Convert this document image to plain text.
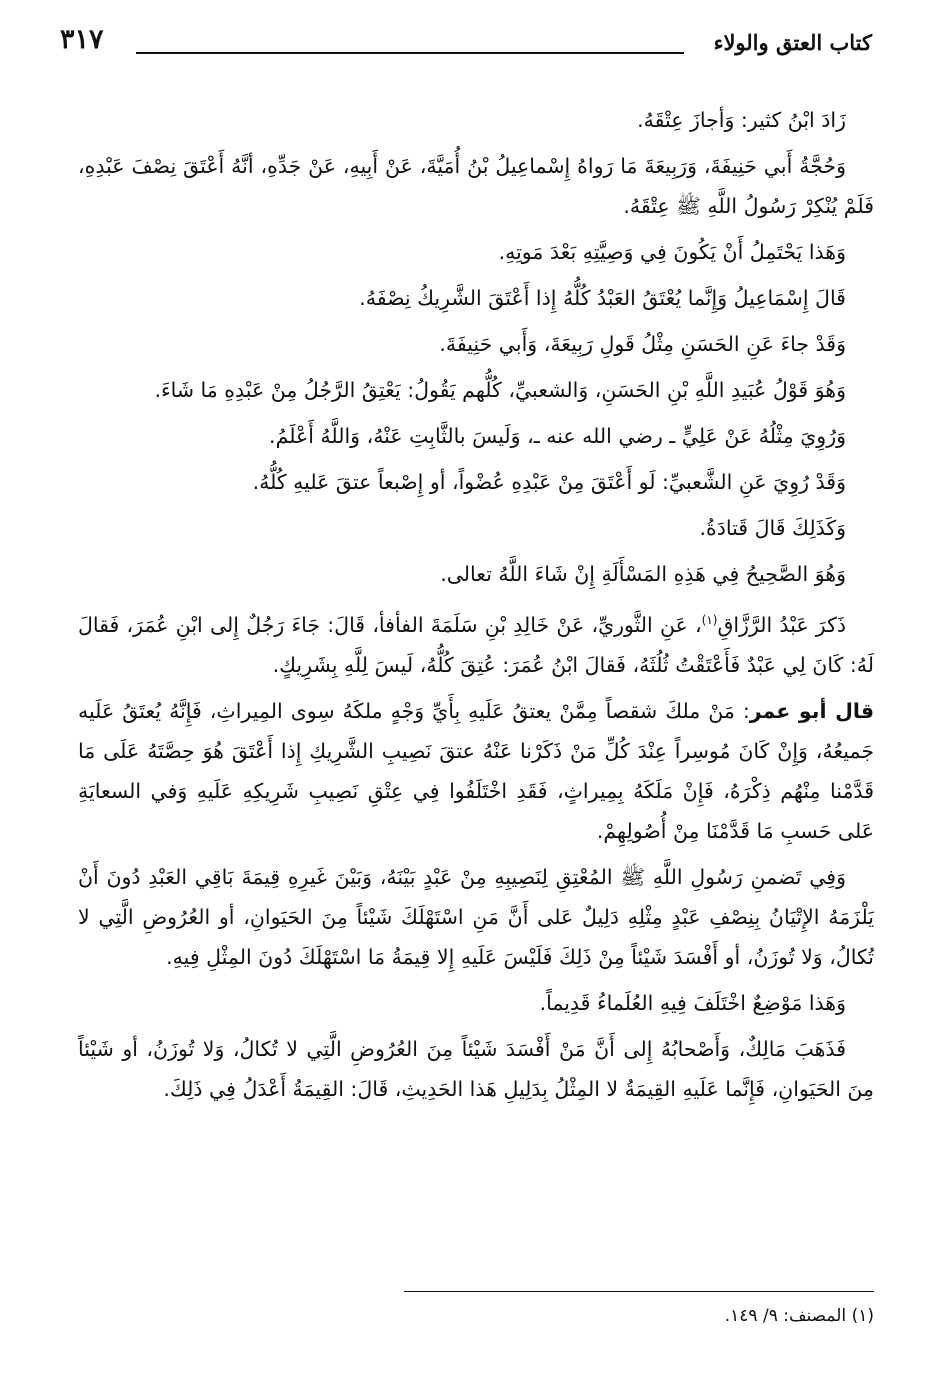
كتاب العتق والولاء
٣١٧

زَادَ ابْنُ كثير: وَأجازَ عِتْقَهُ.

وَحُجَّةُ أَبي حَنِيفَةَ، وَرَبِيعَةَ مَا رَواهُ إِسْماعِيلُ بْنُ أُمَيَّةَ، عَنْ أَبِيهِ، عَنْ جَدِّهِ، أنَّهُ أَعْتَقَ نِصْفَ عَبْدِهِ، فَلَمْ يُنْكِرْ رَسُولُ اللَّهِ ﷺ عِتْقَهُ.

وَهَذا يَحْتَمِلُ أَنْ يَكُونَ فِي وَصِيَّتِهِ بَعْدَ مَوتِهِ.

قَالَ إِسْمَاعِيلُ وَإِنَّما يُعْتَقُ العَبْدُ كُلُّهُ إِذا أَعْتَقَ الشَّرِيكُ نِصْفَهُ.

وَقَدْ جاءَ عَنِ الحَسَنِ مِثْلُ قَولِ رَبِيعَةَ، وَأَبي حَنِيفَةَ.

وَهُوَ قَوْلُ عُبَيدِ اللَّهِ بْنِ الحَسَنِ، وَالشعبيِّ، كُلُّهم يَقُولُ: يَعْتِقُ الرَّجُلُ مِنْ عَبْدِهِ مَا شَاءَ.

وَرُوِيَ مِثْلُهُ عَنْ عَلِيٍّ ـ رضي الله عنه ـ، وَلَيسَ بالثَّابِتِ عَنْهُ، وَاللَّهُ أَعْلَمُ.

وَقَدْ رُوِيَ عَنِ الشَّعبيِّ: لَو أَعْتَقَ مِنْ عَبْدِهِ عُضْواً، أو إِصْبعاً عتقَ عَليهِ كُلُّهُ.

وَكَذَلِكَ قَالَ قَتادَةُ.

وَهُوَ الصَّحِيحُ فِي هَذِهِ المَسْأَلَةِ إِنْ شَاءَ اللَّهُ تعالى.

ذَكرَ عَبْدُ الرَّزَّاقِ$^{(١)}$، عَنِ الثَّوريِّ، عَنْ خَالِدِ بْنِ سَلَمَةَ الفأفأ، قَالَ: جَاءَ رَجُلٌ إِلى ابْنِ عُمَرَ، فَقالَ لَهُ: كَانَ لِي عَبْدٌ فَأَعْتَقْتُ ثُلُثَهُ، فَقالَ ابْنُ عُمَرَ: عُتِقَ كُلُّهُ، لَيسَ لِلَّهِ بِشَرِيكٍ.

قال أبو عمر: مَنْ ملكَ شقصاً مِمَّنْ يعتقُ عَلَيهِ بِأَيِّ وَجْهٍ ملكَهُ سِوى المِيراثِ، فَإِنَّهُ يُعتَقُ عَلَيه جَميعُهُ، وَإِنْ كَانَ مُوسِراً عِنْدَ كُلِّ مَنْ ذَكَرْنا عَنْهُ عتقَ نَصِيبِ الشَّرِيكِ إِذا أَعْتَقَ هُوَ حِصَّتَهُ عَلَى مَا قَدَّمْنا مِنْهُم ذِكْرَهُ، فَإِنْ مَلَكَهُ بِمِيراثٍ، فَقَدِ اخْتَلَفُوا فِي عِتْقِ نَصِيبِ شَرِيكِهِ عَلَيهِ وَفي السعايَةِ عَلى حَسبِ مَا قَدَّمْنَا مِنْ أُصُولِهِمْ.

وَفِي تَضمنِ رَسُولِ اللَّهِ ﷺ المُعْتِقِ لِنَصِيبِهِ مِنْ عَبْدٍ بَيْنَهُ، وَبَيْنَ غَيرِهِ قِيمَةَ بَاقِي العَبْدِ دُونَ أَنْ يَلْزَمَهُ الإِتْيَانُ بِنِصْفِ عَبْدٍ مِثْلِهِ دَلِيلٌ عَلى أَنَّ مَنِ اسْتَهْلَكَ شَيْئاً مِنَ الحَيَوانِ، أو العُرُوضِ الَّتِي لا تُكالُ، وَلا تُوزَنُ، أو أَفْسَدَ شَيْئاً مِنْ ذَلِكَ فَلَيْسَ عَلَيهِ إِلا قِيمَةُ مَا اسْتَهْلَكَ دُونَ المِثْلِ فِيهِ.

وَهَذا مَوْضِعٌ اخْتَلَفَ فِيهِ العُلَماءُ قَدِيماً.

فَذَهَبَ مَالِكٌ، وَأَصْحابُهُ إِلى أَنَّ مَنْ أَفْسَدَ شَيْئاً مِنَ العُرُوضِ الَّتِي لا تُكالُ، وَلا تُوزَنُ، أو شَيْئاً مِنَ الحَيَوانِ، فَإِنَّما عَلَيهِ القِيمَةُ لا المِثْلُ بِدَلِيلِ هَذا الحَدِيثِ، قَالَ: القِيمَةُ أَعْدَلُ فِي ذَلِكَ.

(١) المصنف: ٩/ ١٤٩.
